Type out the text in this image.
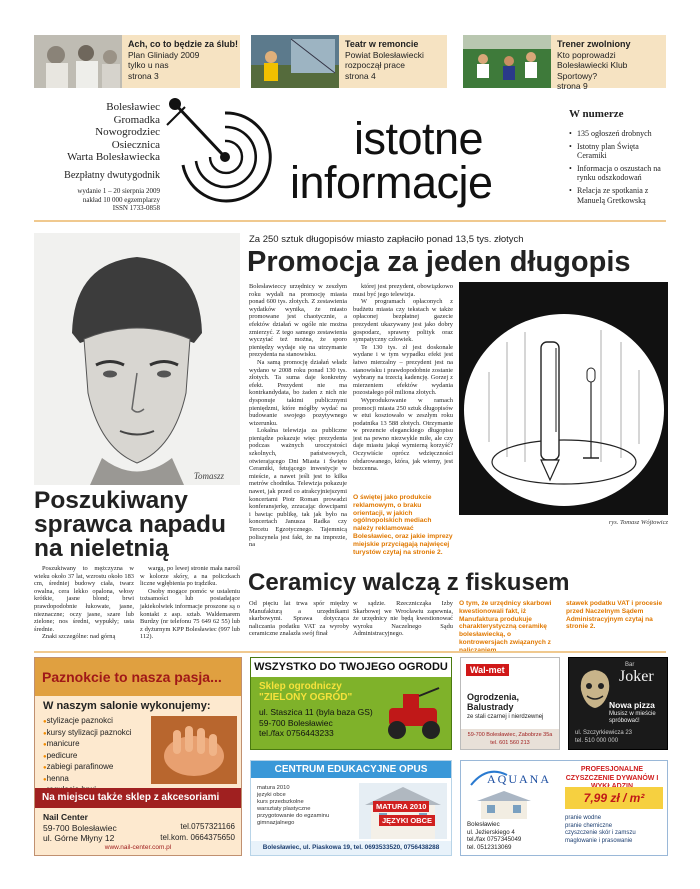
Ach, co to będzie za ślub!
Plan Gliniady 2009
tylko u nas
strona 3
Teatr w remoncie
Powiat Bolesławiecki
rozpoczął prace
strona 4
Trener zwolniony
Kto poprowadzi
Bolesławiecki Klub Sportowy?
strona 9
Bolesławiec
Gromadka
Nowogrodziec
Osiecznica
Warta Bolesławiecka
Bezpłatny dwutygodnik
wydanie 1 – 20 sierpnia 2009
nakład 10 000 egzemplarzy
ISSN 1733-0858
istotne
informacje
W numerze
• 135 ogłoszeń drobnych
• Istotny plan Święta Ceramiki
• Informacja o oszustach na rynku odszkodowań
• Relacja ze spotkania z Manuelą Gretkowską
Tomaszz
Poszukiwany sprawca napadu na nieletnią

Poszukiwany to mężczyzna w wieku około 37 lat, wzrostu około 183 cm, średniej budowy ciała, twarz owalna, cera lekko opalona, włosy krótkie, jasne blond; brwi prawdopodobnie łukowate, jasne, nieznaczne; oczy jasne, szare lub zielone; nos średni, wypukły; usta średnie.

Znaki szczególne: nad górną

wargą, po lewej stronie mała narośl w kolorze skóry, a na policzkach liczne wgłębienia po trądziku.

Osoby mogące pomóc w ustaleniu tożsamości lub posiadające jakiekolwiek informacje proszone są o kontakt z asp. sztab. Waldemarem Burdzy (nr telefonu 75 649 62 55) lub z dyżurnym KPP Bolesławiec (997 lub 112).

Za 250 sztuk długopisów miasto zapłaciło ponad 13,5 tys. złotych
Promocja za jeden długopis

Bolesławieccy urzędnicy w zeszłym roku wydali na promocję miasta ponad 600 tys. złotych. Z zestawienia wydatków wynika, że miasto promowane jest chaotycznie, a efektów działań w ogóle nie można zmierzyć. Z tego samego zestawienia wyczytać też można, że sporo pieniędzy wydaje się na utrzymanie prezydenta na stanowisku.

Na samą promocję działań władz wydano w 2008 roku ponad 130 tys. złotych. Ta suma daje konkretny efekt. Prezydent nie ma kontrkandydata, bo żaden z nich nie dysponuje takimi publicznymi pieniędzmi, które mógłby wydać na budowanie swojego pozytywnego wizerunku.

Lokalna telewizja za publiczne pieniądze pokazuje więc prezydenta podczas ważnych uroczystości szkolnych, państwowych, otwierającego Dni Miasta i Święto Ceramiki, fetującego inwestycje w mieście, a nawet jeśli jest to kilka metrów chodnika. Telewizja pokazuje nawet, jak przed co atrakcyjniejszymi koncertami Piotr Roman prowadzi konferansjerkę, zrzucając dowcipami i bawiąc publikę, tak jak było na koncertach Janusza Radka czy Tercetu Egzotycznego. Tajemnicą poliszynela jest fakt, że na imprezie, na

której jest prezydent, obowiązkowo musi być jego telewizja.

W programach opłaconych z budżetu miasta czy tekstach w także opłaconej bezpłatnej gazecie prezydent ukazywany jest jako dobry gospodarz, sprawny polityk oraz sympatyczny człowiek.

Te 130 tys. zł jest doskonale wydane i w tym wypadku efekt jest łatwo mierzalny – prezydent jest na stanowisku i prawdopodobnie zostanie wybrany na trzecią kadencję. Gorzej z mierzeniem efektów wydania pozostałego pół miliona złotych.

Wyprodukowanie w ramach promocji miasta 250 sztuk długopisów w etui kosztowało w zeszłym roku podatnika 13 588 złotych. Otrzymanie w prezencie eleganckiego długopisu jest na pewno niezwykle miłe, ale czy daje miastu jakąś wymierną korzyść? Oczywiście oprócz wdzięczności obdarowanego, która, jak wiemy, jest bezcenna.

O świętej jako produkcie reklamowym, o braku orientacji, w jakich ogólnopolskich mediach należy reklamować Bolesławiec, oraz jakie imprezy miejskie przyciągają najwięcej turystów czytaj na stronie 2.
rys. Tomasz Wójtowicz
Ceramicy walczą z fiskusem

Od pięciu lat trwa spór między Manufakturą a urzędnikami skarbowymi. Sprawa dotycząca naliczania podatku VAT za wyroby ceramiczne znalazła swój finał

w sądzie. Rzecznicząka Izby Skarbowej we Wrocławiu zapewnia, że urzędnicy nie będą kwestionować wyroku Naczelnego Sądu Administracyjnego.

O tym, że urzędnicy skarbowi kwestionowali fakt, iż Manufaktura produkuje charakterystyczną ceramikę bolesławiecką, o kontrowersjach związanych z
stawek podatku VAT i procesie przed Naczelnym Sądem Administracyjnym czytaj na stronie 2.
Paznokcie to nasza pasja...
W naszym salonie wykonujemy:
● stylizacje paznokci
● kursy stylizacji paznokci
● manicure
● pedicure
● zabiegi parafinowe
● henna
●
Na miejscu także sklep z akcesoriami
Nail Center
59-700 Bolesławiec
ul. Górne Młyny 12
tel.0757321166
tel.kom. 0664375650
www.nail-center.com.pl
WSZYSTKO DO TWOJEGO OGRODU
Sklep ogrodniczy
"ZIELONY OGRÓD"
ul. Staszica 11 (byla baza GS)
59-700 Bolesławiec
tel./fax 0756443233
Wal-met
Ogrodzenia, Balustrady
ze stali czarnej i nierdzewnej
59-700 Bolesławiec, Zabobrze 35a
tel. 601 560 213
Bar
Joker
Nowa pizza
Musisz w mieście spróbować!
ul. Szczyrkiewicza 23
tel. 510 000 000
CENTRUM EDUKACYJNE OPUS
matura 2010
języki obce
kurs przedszkolne
warsztaty plastyczne
przygotowanie do egzaminu gimnazjalnego
MATURA 2010
JĘZYKI OBCE
Bolesławiec, ul. Piaskowa 19, tel. 0693533520, 0756438288
AQUANA
PROFESJONALNE CZYSZCZENIE DYWANÓW I
7,99 zł / m²
Bolesławiec
ul. Jeżierskiego 4
tel./fax 0757345049
tel. 0512313069
pranie wodne
pranie chemiczne
czyszczenie skór i zamszu
maglowanie i prasowanie
